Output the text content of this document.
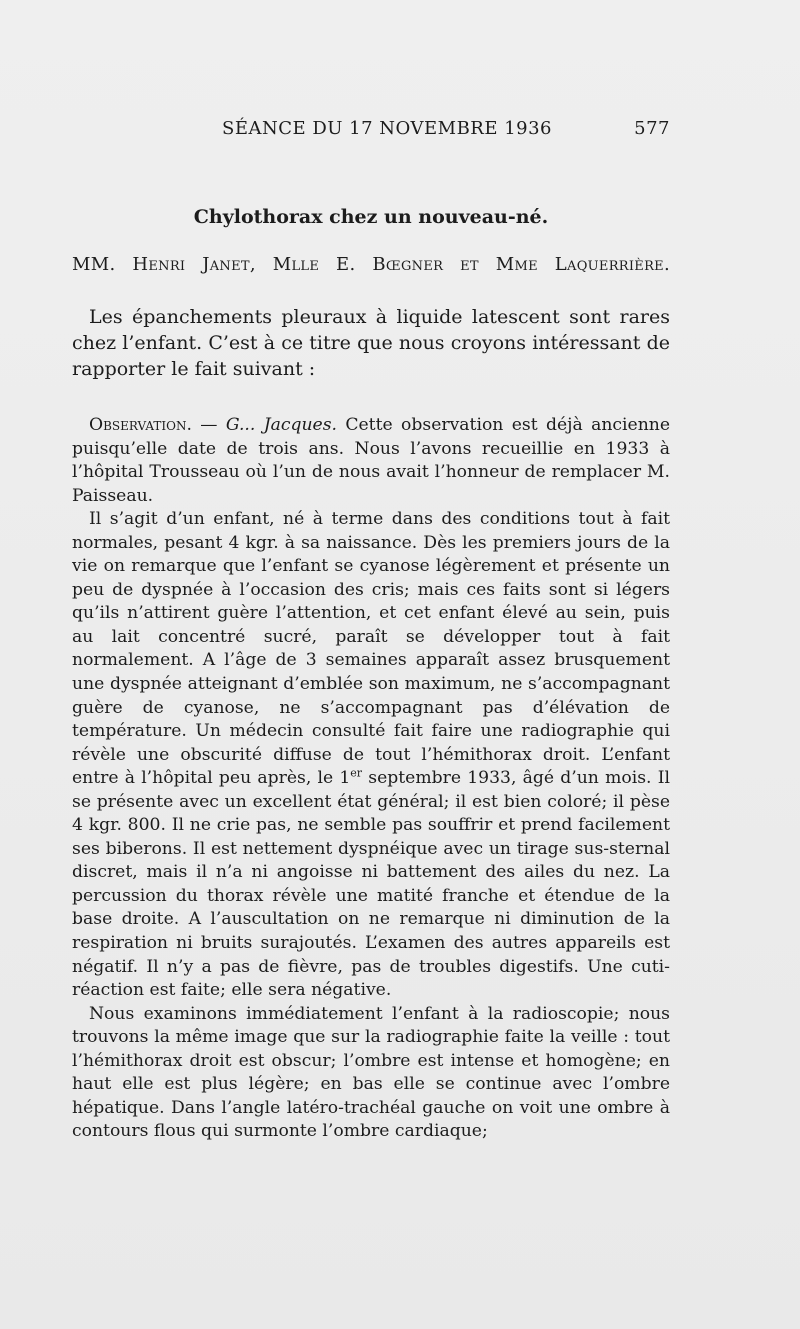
SÉANCE DU 17 NOVEMBRE 1936	577
Chylothorax chez un nouveau-né.
MM. Henri Janet, Mlle E. Bœgner et Mme Laquerrière.

Les épanchements pleuraux à liquide latescent sont rares chez l’enfant. C’est à ce titre que nous croyons intéressant de rapporter le fait suivant :

Observation. — G... Jacques. Cette observation est déjà ancienne puisqu’elle date de trois ans. Nous l’avons recueillie en 1933 à l’hôpital Trousseau où l’un de nous avait l’honneur de remplacer M. Paisseau.

Il s’agit d’un enfant, né à terme dans des conditions tout à fait normales, pesant 4 kgr. à sa naissance. Dès les premiers jours de la vie on remarque que l’enfant se cyanose légèrement et présente un peu de dyspnée à l’occasion des cris; mais ces faits sont si légers qu’ils n’attirent guère l’attention, et cet enfant élevé au sein, puis au lait concentré sucré, paraît se développer tout à fait normalement. A l’âge de 3 semaines apparaît assez brusquement une dyspnée atteignant d’emblée son maximum, ne s’accompagnant guère de cyanose, ne s’accompagnant pas d’élévation de température. Un médecin consulté fait faire une radiographie qui révèle une obscurité diffuse de tout l’hémithorax droit. L’enfant entre à l’hôpital peu après, le 1er septembre 1933, âgé d’un mois. Il se présente avec un excellent état général; il est bien coloré; il pèse 4 kgr. 800. Il ne crie pas, ne semble pas souffrir et prend facilement ses biberons. Il est nettement dyspnéique avec un tirage sus-sternal discret, mais il n’a ni angoisse ni battement des ailes du nez. La percussion du thorax révèle une matité franche et étendue de la base droite. A l’auscultation on ne remarque ni diminution de la respiration ni bruits surajoutés. L’examen des autres appareils est négatif. Il n’y a pas de fièvre, pas de troubles digestifs. Une cuti-réaction est faite; elle sera négative.

Nous examinons immédiatement l’enfant à la radioscopie; nous trouvons la même image que sur la radiographie faite la veille : tout l’hémithorax droit est obscur; l’ombre est intense et homogène; en haut elle est plus légère; en bas elle se continue avec l’ombre hépatique. Dans l’angle latéro-trachéal gauche on voit une ombre à contours flous qui surmonte l’ombre cardiaque;
